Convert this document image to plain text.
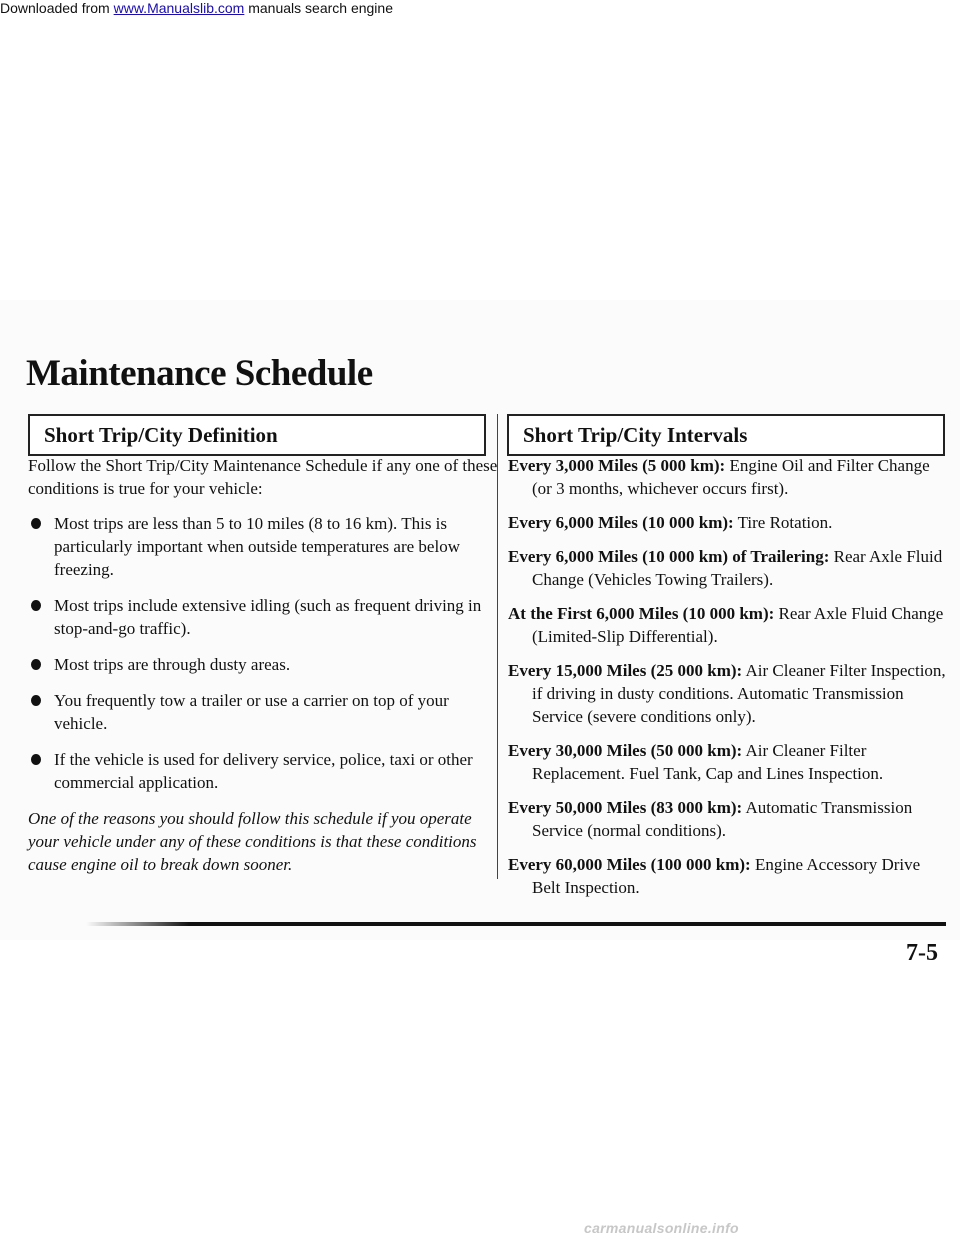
Downloaded from www.Manualslib.com manuals search engine
Maintenance Schedule
Short Trip/City Definition	Short Trip/City Intervals

Follow the Short Trip/City Maintenance Schedule if any one of these conditions is true for your vehicle:

Most trips are less than 5 to 10 miles (8 to 16 km). This is particularly important when outside temperatures are below freezing.
Most trips include extensive idling (such as frequent driving in stop-and-go traffic).
Most trips are through dusty areas.
You frequently tow a trailer or use a carrier on top of your vehicle.
If the vehicle is used for delivery service, police, taxi or other commercial application.

One of the reasons you should follow this schedule if you operate your vehicle under any of these conditions is that these conditions cause engine oil to break down sooner.

Every 3,000 Miles (5 000 km): Engine Oil and Filter Change (or 3 months, whichever occurs first).

Every 6,000 Miles (10 000 km): Tire Rotation.

Every 6,000 Miles (10 000 km) of Trailering: Rear Axle Fluid Change (Vehicles Towing Trailers).

At the First 6,000 Miles (10 000 km): Rear Axle Fluid Change (Limited-Slip Differential).

Every 15,000 Miles (25 000 km): Air Cleaner Filter Inspection, if driving in dusty conditions. Automatic Transmission Service (severe conditions only).

Every 30,000 Miles (50 000 km): Air Cleaner Filter Replacement. Fuel Tank, Cap and Lines Inspection.

Every 50,000 Miles (83 000 km): Automatic Transmission Service (normal conditions).

Every 60,000 Miles (100 000 km): Engine Accessory Drive Belt Inspection.

7-5
carmanualsonline.info
